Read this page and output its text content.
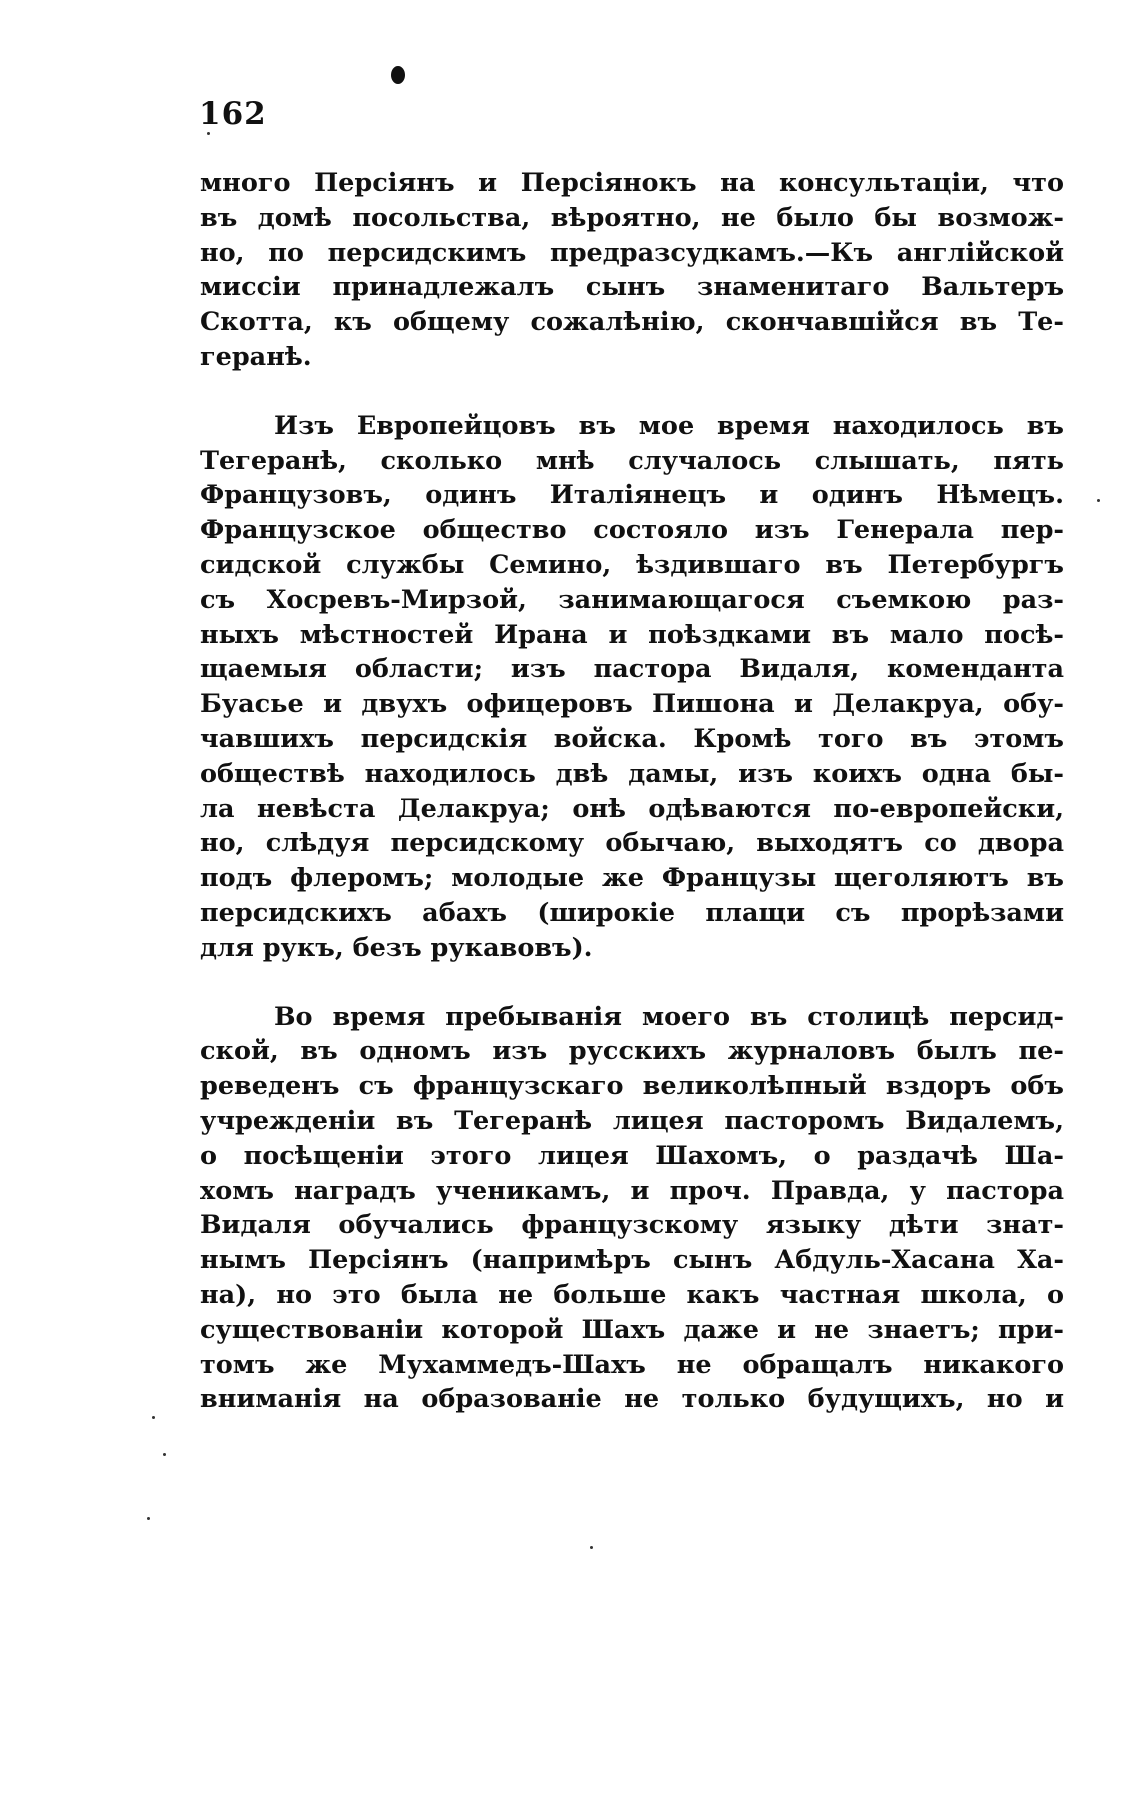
162
много Персіянъ и Персіянокъ на консультаціи, что
въ домѣ посольства, вѣроятно, не было бы возмож-
но, по персидскимъ предразсудкамъ.—Къ англійской
миссіи принадлежалъ сынъ знаменитаго Вальтеръ
Скотта, къ общему сожалѣнію, скончавшійся въ Те-
геранѣ.
Изъ Европейцовъ въ мое время находилось въ
Тегеранѣ, сколько мнѣ случалось слышать, пять
Французовъ, одинъ Италіянецъ и одинъ Нѣмецъ.
Французское общество состояло изъ Генерала пер-
сидской службы Семино, ѣздившаго въ Петербургъ
съ Хосревъ-Мирзой, занимающагося съемкою раз-
ныхъ мѣстностей Ирана и поѣздками въ мало посѣ-
щаемыя области; изъ пастора Видаля, коменданта
Буасье и двухъ офицеровъ Пишона и Делакруа, обу-
чавшихъ персидскія войска. Кромѣ того въ этомъ
обществѣ находилось двѣ дамы, изъ коихъ одна бы-
ла невѣста Делакруа; онѣ одѣваются по-европейски,
но, слѣдуя персидскому обычаю, выходятъ со двора
подъ флеромъ; молодые же Французы щеголяютъ въ
персидскихъ абахъ (широкіе плащи съ прорѣзами
для рукъ, безъ рукавовъ).
Во время пребыванія моего въ столицѣ персид-
ской, въ одномъ изъ русскихъ журналовъ былъ пе-
реведенъ съ французскаго великолѣпный вздоръ объ
учрежденіи въ Тегеранѣ лицея пасторомъ Видалемъ,
о посѣщеніи этого лицея Шахомъ, о раздачѣ Ша-
хомъ наградъ ученикамъ, и проч. Правда, у пастора
Видаля обучались французскому языку дѣти знат-
нымъ Персіянъ (напримѣръ сынъ Абдуль-Хасана Ха-
на), но это была не больше какъ частная школа, о
существованіи которой Шахъ даже и не знаетъ; при-
томъ же Мухаммедъ-Шахъ не обращалъ никакого
вниманія на образованіе не только будущихъ, но и
